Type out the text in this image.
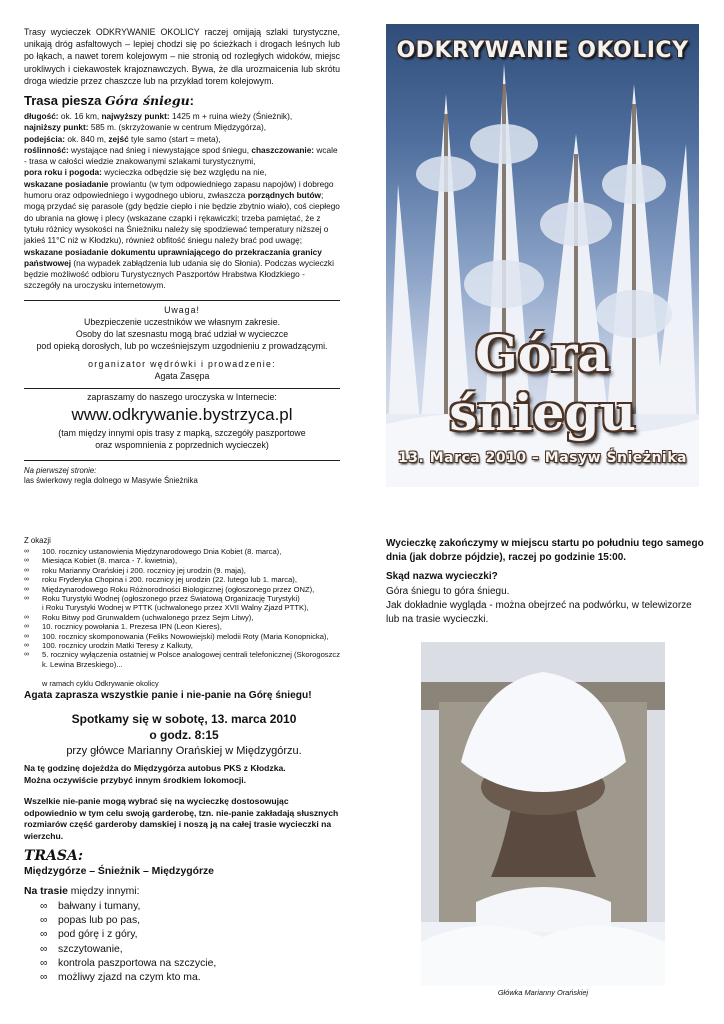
Trasy wycieczek ODKRYWANIE OKOLICY raczej omijają szlaki turystyczne, unikają dróg asfaltowych – lepiej chodzi się po ścieżkach i drogach leśnych lub po łąkach, a nawet torem kolejowym – nie stronią od rozległych widoków, miejsc urokliwych i ciekawostek krajoznawczych. Bywa, że dla urozmaicenia lub skrótu droga wiedzie przez chaszcze lub na przykład torem kolejowym.
Trasa piesza Góra śniegu:
długość: ok. 16 km, najwyższy punkt: 1425 m + ruina wieży (Śnieżnik),
najniższy punkt: 585 m. (skrzyżowanie w centrum Międzygórza),
podejścia: ok. 840 m, zejść tyle samo (start = meta),
roślinność: wystające nad śnieg i niewystające spod śniegu, chaszczowanie: wcale - trasa w całości wiedzie znakowanymi szlakami turystycznymi,
pora roku i pogoda: wycieczka odbędzie się bez względu na nie,
wskazane posiadanie prowiantu (w tym odpowiedniego zapasu napojów) i dobrego humoru oraz odpowiedniego i wygodnego ubioru, zwłaszcza porządnych butów; mogą przydać się parasole (gdy będzie ciepło i nie będzie zbytnio wiało), coś ciepłego do ubrania na głowę i plecy (wskazane czapki i rękawiczki; trzeba pamiętać, że z tytułu różnicy wysokości na Śnieżniku należy się spodziewać temperatury niższej o jakieś 11°C niż w Kłodzku), również obfitość śniegu należy brać pod uwagę; wskazane posiadanie dokumentu uprawniającego do przekraczania granicy państwowej (na wypadek zabłądzenia lub udania się do Słonia). Podczas wycieczki będzie możliwość odbioru Turystycznych Paszportów Hrabstwa Kłodzkiego - szczegóły na uroczysku internetowym.
Uwaga!
Ubezpieczenie uczestników we własnym zakresie.
Osoby do lat szesnastu mogą brać udział w wycieczce
pod opieką dorosłych, lub po wcześniejszym uzgodnieniu z prowadzącymi.
organizator wędrówki i prowadzenie:
Agata Zasępa
zapraszamy do naszego uroczyska w Internecie:
www.odkrywanie.bystrzyca.pl
(tam między innymi opis trasy z mapką, szczegóły paszportowe
oraz wspomnienia z poprzednich wycieczek)
Na pierwszej stronie:
las świerkowy regla dolnego w Masywie Śnieżnika
ODKRYWANIE OKOLICY
Góra śniegu
13. Marca 2010 – Masyw Śnieżnika
Z okazji
∞ 100. rocznicy ustanowienia Międzynarodowego Dnia Kobiet (8. marca),
∞ Miesiąca Kobiet (8. marca - 7. kwietnia),
∞ roku Marianny Orańskiej i 200. rocznicy jej urodzin (9. maja),
∞ roku Fryderyka Chopina i 200. rocznicy jej urodzin (22. lutego lub 1. marca),
∞ Międzynarodowego Roku Różnorodności Biologicznej (ogłoszonego przez ONZ),
∞ Roku Turystyki Wodnej (ogłoszonego przez Światową Organizację Turystyki)
i Roku Turystyki Wodnej w PTTK (uchwalonego przez XVII Walny Zjazd PTTK),
∞ Roku Bitwy pod Grunwaldem (uchwalonego przez Sejm Litwy),
∞ 10. rocznicy powołania 1. Prezesa IPN (Leon Kieres),
∞ 100. rocznicy skomponowania (Feliks Nowowiejski) melodii Roty (Maria Konopnicka),
∞ 100. rocznicy urodzin Matki Teresy z Kalkuty,
∞ 5. rocznicy wyłączenia ostatniej w Polsce analogowej centrali telefonicznej (Skorogoszcz
k. Lewina Brzeskiego)...
w ramach cyklu Odkrywanie okolicy
Agata zaprasza wszystkie panie i nie-panie na Górę śniegu!
Spotkamy się w sobotę, 13. marca 2010
o godz. 8:15
przy główce Marianny Orańskiej w Międzygórzu.
Na tę godzinę dojeżdża do Międzygórza autobus PKS z Kłodzka.
Można oczywiście przybyć innym środkiem lokomocji.
Wszelkie nie-panie mogą wybrać się na wycieczkę dostosowując odpowiednio w tym celu swoją garderobę, tzn. nie-panie zakładają słusznych rozmiarów część garderoby damskiej i noszą ją na całej trasie wycieczki na wierzchu.
TRASA:
Międzygórze – Śnieżnik – Międzygórze
Na trasie między innymi:
∞ bałwany i tumany,
∞ popas lub po pas,
∞ pod górę i z góry,
∞ szczytowanie,
∞ kontrola paszportowa na szczycie,
∞ możliwy zjazd na czym kto ma.
Wycieczkę zakończymy w miejscu startu po południu tego samego dnia (jak dobrze pójdzie), raczej po godzinie 15:00.
Skąd nazwa wycieczki?
Góra śniegu to góra śniegu.
Jak dokładnie wygląda - można obejrzeć na podwórku, w telewizorze lub na trasie wycieczki.
Główka Marianny Orańskiej
